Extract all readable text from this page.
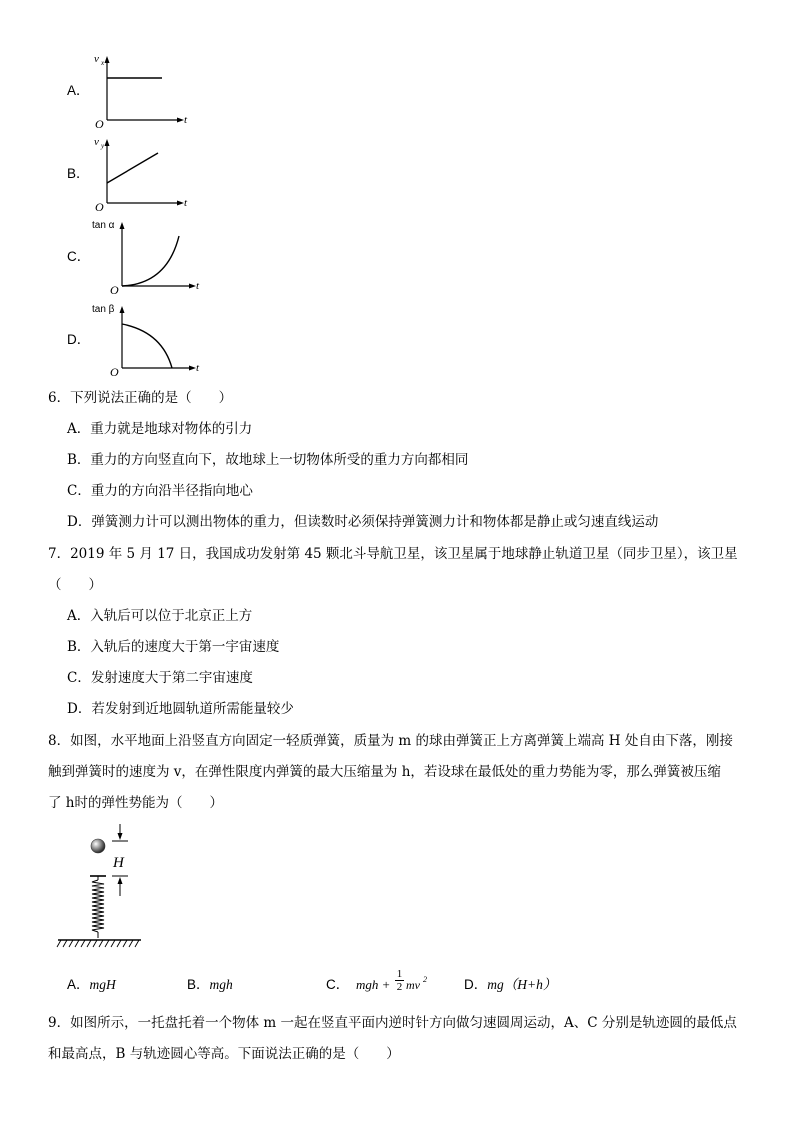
A．
v x
t
O
B．
v y
t
O
C．
tan α
t
O
D．
tan β
t
O
6．下列说法正确的是（　　）
A．重力就是地球对物体的引力
B．重力的方向竖直向下，故地球上一切物体所受的重力方向都相同
C．重力的方向沿半径指向地心
D．弹簧测力计可以测出物体的重力，但读数时必须保持弹簧测力计和物体都是静止或匀速直线运动
7．2019 年 5 月 17 日，我国成功发射第 45 颗北斗导航卫星，该卫星属于地球静止轨道卫星（同步卫星），该卫星
（　　）
A．入轨后可以位于北京正上方
B．入轨后的速度大于第一宇宙速度
C．发射速度大于第二宇宙速度
D．若发射到近地圆轨道所需能量较少
8．如图，水平地面上沿竖直方向固定一轻质弹簧，质量为 m 的球由弹簧正上方离弹簧上端高 H 处自由下落，刚接
触到弹簧时的速度为 v，在弹性限度内弹簧的最大压缩量为 h，若设球在最低处的重力势能为零，那么弹簧被压缩
了 h时的弹性势能为（　　）
H
A．mgH	B．mgh	C． mgh + $\frac{1}{2}$ mv 2	D．mg（H+h）
9．如图所示，一托盘托着一个物体 m 一起在竖直平面内逆时针方向做匀速圆周运动，A、C 分别是轨迹圆的最低点
和最高点，B 与轨迹圆心等高。下面说法正确的是（　　）
